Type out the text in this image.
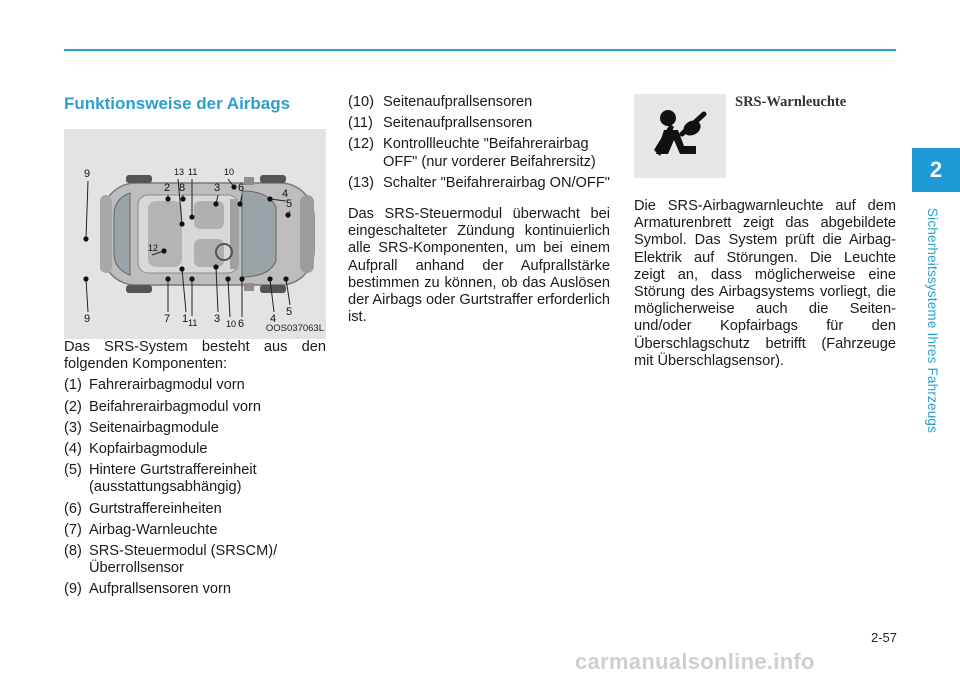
2
Sicherheitssysteme Ihres Fahrzeugs
Funktionsweise der Airbags
9	13 11	10
2 8	3 6	4
5
12
1
7 11 3 10 6 4
5
9
OOS037063L

Das SRS-System besteht aus den folgenden Komponenten:

(1) Fahrerairbagmodul vorn
(2) Beifahrerairbagmodul vorn
(3) Seitenairbagmodule
(4) Kopfairbagmodule
(5) Hintere Gurtstraffereinheit (ausstattungsabhängig)
(6) Gurtstraffereinheiten
(7) Airbag-Warnleuchte
(8) SRS-Steuermodul (SRSCM)/Überrollsensor
(9) Aufprallsensoren vorn
(10) Seitenaufprallsensoren
(11) Seitenaufprallsensoren
(12) Kontrollleuchte "Beifahrerairbag OFF" (nur vorderer Beifahrersitz)
(13) Schalter "Beifahrerairbag ON/OFF"

Das SRS-Steuermodul überwacht bei eingeschalteter Zündung kontinuierlich alle SRS-Komponenten, um bei einem Aufprall anhand der Aufprallstärke bestimmen zu können, ob das Auslösen der Airbags oder Gurtstraffer erforderlich ist.

SRS-Warnleuchte

Die SRS-Airbagwarnleuchte auf dem Armaturenbrett zeigt das abgebildete Symbol. Das System prüft die Airbag-Elektrik auf Störungen. Die Leuchte zeigt an, dass möglicherweise eine Störung des Airbagsystems vorliegt, die möglicherweise auch die Seiten- und/oder Kopfairbags für den Überschlagschutz betrifft (Fahrzeuge mit Überschlagsensor).

2-57
carmanualsonline.info
